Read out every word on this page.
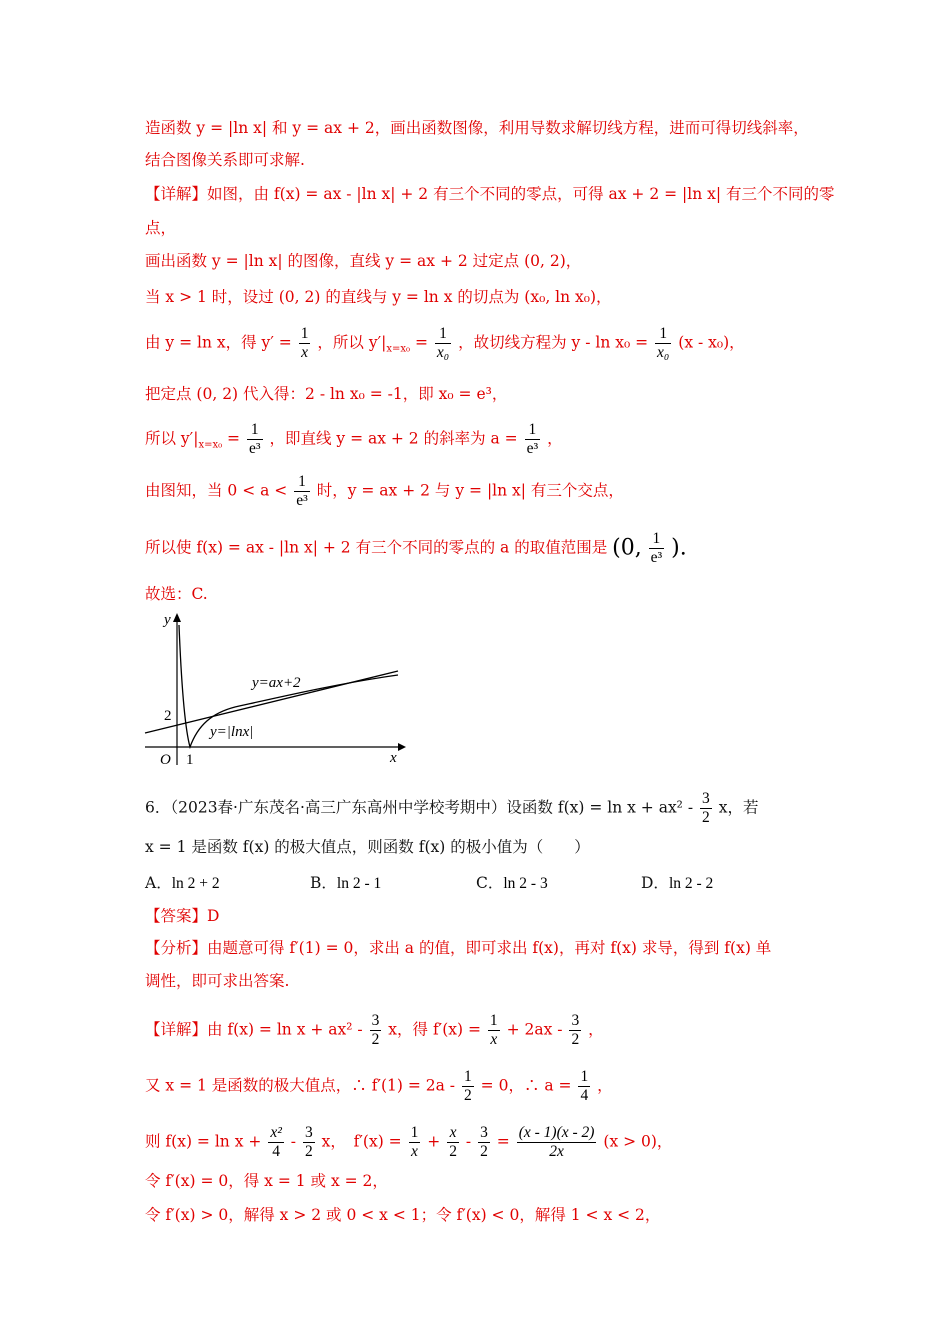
造函数 y = |ln x| 和 y = ax + 2，画出函数图像，利用导数求解切线方程，进而可得切线斜率，
结合图像关系即可求解.
【详解】如图，由 f(x) = ax - |ln x| + 2 有三个不同的零点，可得 ax + 2 = |ln x| 有三个不同的零
点，
画出函数 y = |ln x| 的图像，直线 y = ax + 2 过定点 (0, 2)，
当 x > 1 时，设过 (0, 2) 的直线与 y = ln x 的切点为 (x₀, ln x₀)，
由 y = ln x，得 $y' = \frac{1}{x}$ ，所以 $y'|_{x=x_0} = \frac{1}{\text{x₀}}$ ，故切线方程为 $y - \ln x_0 = \frac{1}{\text{x₀}} (x - x_0)$，
把定点 (0, 2) 代入得：2 - ln x₀ = -1，即 x₀ = e³，
所以 $y'|_{x=x_0} = \frac{1}{\text{e³}}$ ，即直线 y = ax + 2 的斜率为 $a = \frac{1}{\text{e³}}$ ，
由图知，当 $0 < a < \frac{1}{\text{e³}}$ 时，y = ax + 2 与 y = |ln x| 有三个交点，
所以使 f(x) = ax - |ln x| + 2 有三个不同的零点的 a 的取值范围是 (0, $\frac{1}{\text{e³}}$ ).
故选：C.
y
x
O
2
1
y=ax+2
y=|lnx|
6．（2023春·广东茂名·高三广东高州中学校考期中）设函数 $f(x) = \ln x + ax^2 - \frac{3}{2}$ x，若
x = 1 是函数 f(x) 的极大值点，则函数 f(x) 的极小值为（　　）
A．ln 2 + 2	B．ln 2 - 1	C．ln 2 - 3	D．ln 2 - 2
【答案】D
【分析】由题意可得 f′(1) = 0，求出 a 的值，即可求出 f(x)，再对 f(x) 求导，得到 f(x) 单
调性，即可求出答案.
【详解】由 $f(x) = \ln x + ax^2 - \frac{3}{2}$ x，得 $f'(x) = \frac{1}{x} + 2ax - \frac{3}{2}$ ，
又 x = 1 是函数的极大值点，∴ $f'(1) = 2a - \frac{1}{2} = 0$，∴ $a = \frac{1}{4}$ ，
则 $f(x) = \ln x + \frac{\text{x²}}{4} - \frac{3}{2}$ x，　$f'(x) = \frac{1}{x} + \frac{x}{2} - \frac{3}{2} = \frac{(x - 1)(x - 2)}{2x} (x > 0)$，
令 f′(x) = 0，得 x = 1 或 x = 2，
令 f′(x) > 0，解得 x > 2 或 0 < x < 1；令 f′(x) < 0，解得 1 < x < 2，
